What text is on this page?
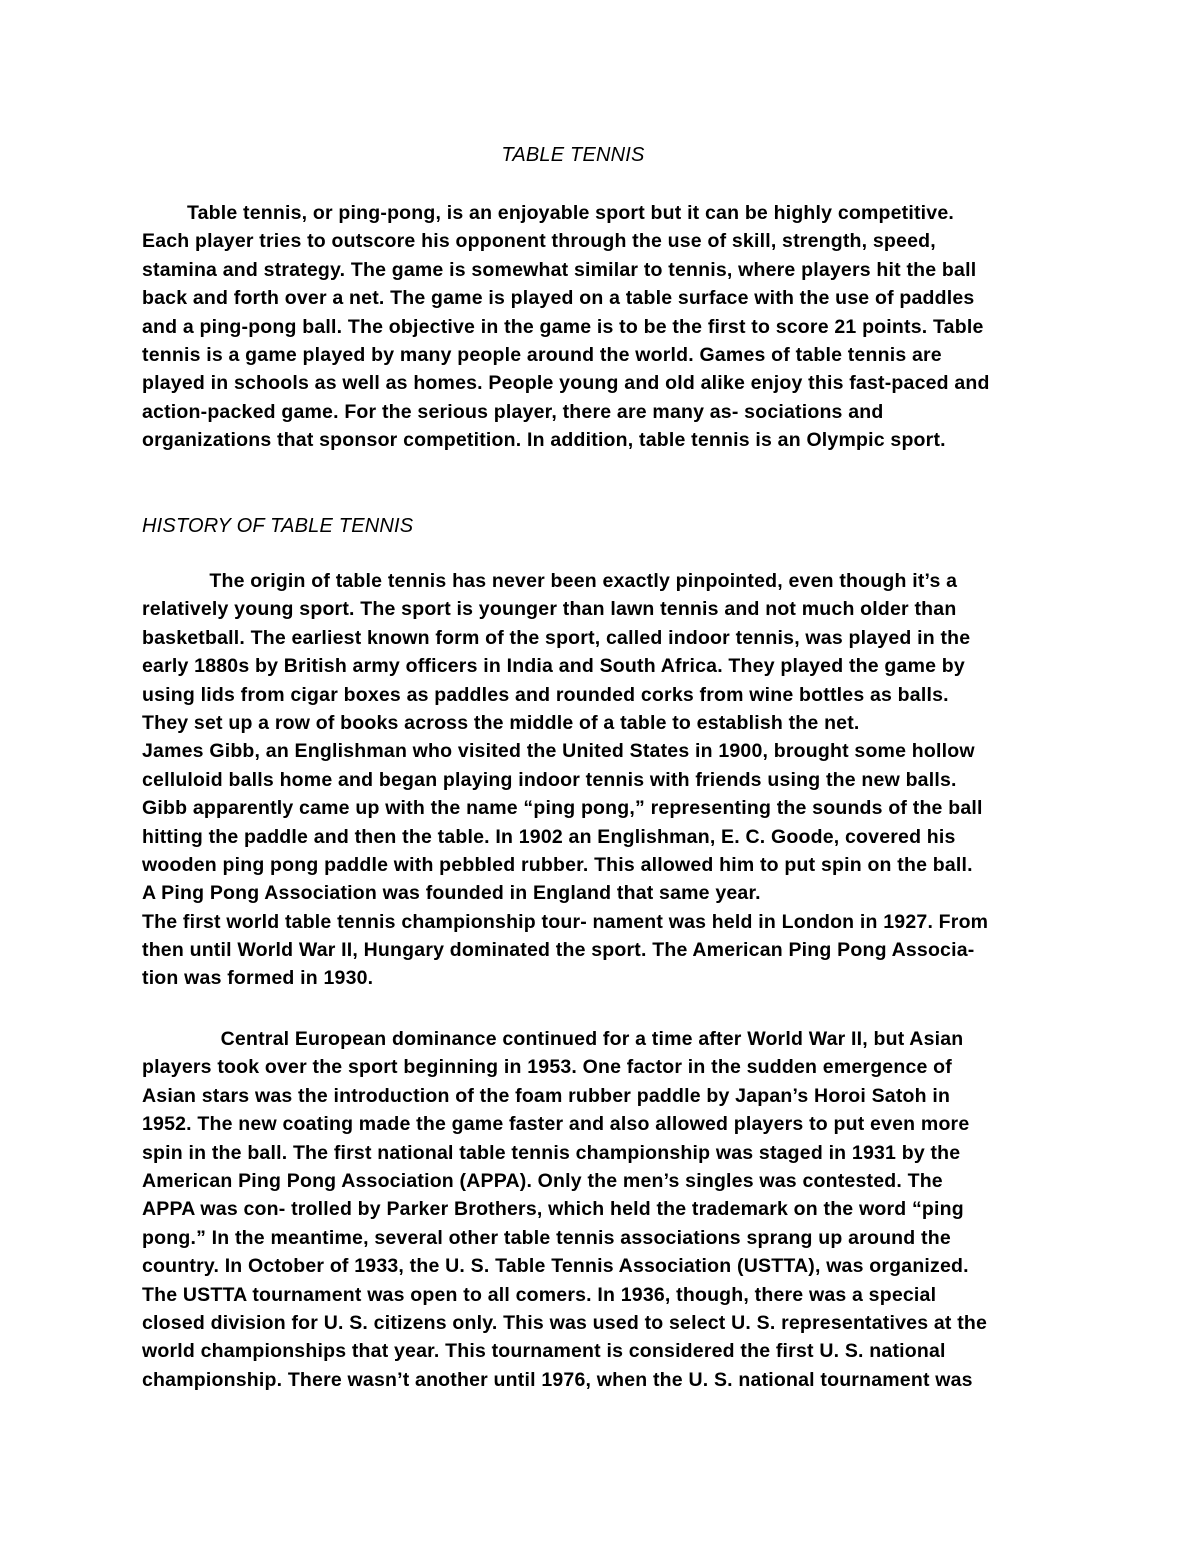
TABLE TENNIS
Table tennis, or ping-pong, is an enjoyable sport but it can be highly competitive.
Each player tries to outscore his opponent through the use of skill, strength, speed,
stamina and strategy. The game is somewhat similar to tennis, where players hit the ball
back and forth over a net. The game is played on a table surface with the use of paddles
and a ping-pong ball. The objective in the game is to be the first to score 21 points. Table
tennis is a game played by many people around the world. Games of table tennis are
played in schools as well as homes. People young and old alike enjoy this fast-paced and
action-packed game. For the serious player, there are many as- sociations and
organizations that sponsor competition. In addition, table tennis is an Olympic sport.
HISTORY OF TABLE TENNIS
The origin of table tennis has never been exactly pinpointed, even though it’s a
relatively young sport. The sport is younger than lawn tennis and not much older than
basketball. The earliest known form of the sport, called indoor tennis, was played in the
early 1880s by British army officers in India and South Africa. They played the game by
using lids from cigar boxes as paddles and rounded corks from wine bottles as balls.
They set up a row of books across the middle of a table to establish the net.
James Gibb, an Englishman who visited the United States in 1900, brought some hollow
celluloid balls home and began playing indoor tennis with friends using the new balls.
Gibb apparently came up with the name “ping pong,” representing the sounds of the ball
hitting the paddle and then the table. In 1902 an Englishman, E. C. Goode, covered his
wooden ping pong paddle with pebbled rubber. This allowed him to put spin on the ball.
A Ping Pong Association was founded in England that same year.
The first world table tennis championship tour- nament was held in London in 1927. From
then until World War II, Hungary dominated the sport. The American Ping Pong Associa-
tion was formed in 1930.
Central European dominance continued for a time after World War II, but Asian
players took over the sport beginning in 1953. One factor in the sudden emergence of
Asian stars was the introduction of the foam rubber paddle by Japan’s Horoi Satoh in
1952. The new coating made the game faster and also allowed players to put even more
spin in the ball. The first national table tennis championship was staged in 1931 by the
American Ping Pong Association (APPA). Only the men’s singles was contested. The
APPA was con- trolled by Parker Brothers, which held the trademark on the word “ping
pong.” In the meantime, several other table tennis associations sprang up around the
country. In October of 1933, the U. S. Table Tennis Association (USTTA), was organized.
The USTTA tournament was open to all comers. In 1936, though, there was a special
closed division for U. S. citizens only. This was used to select U. S. representatives at the
world championships that year. This tournament is considered the first U. S. national
championship. There wasn’t another until 1976, when the U. S. national tournament was
